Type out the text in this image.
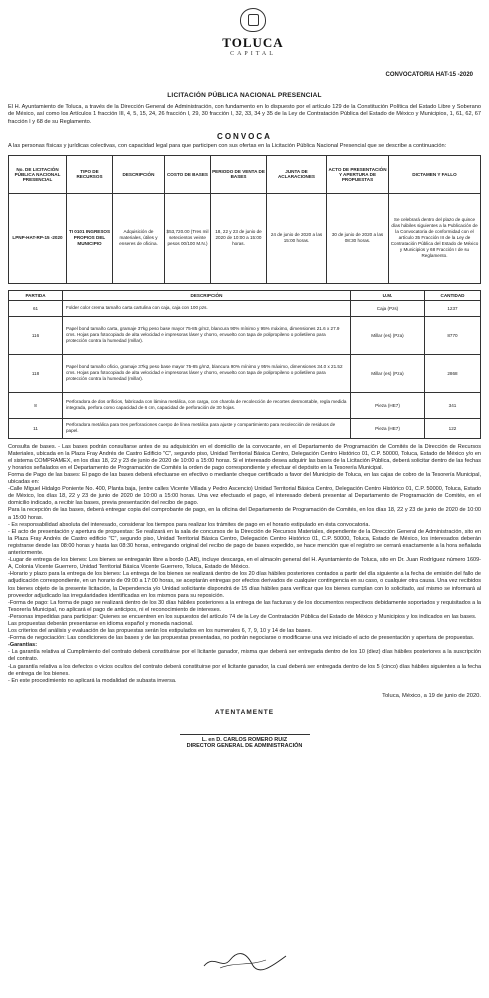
TOLUCA
CAPITAL
CONVOCATORIA HAT-15 -2020
LICITACIÓN PÚBLICA NACIONAL PRESENCIAL
El H. Ayuntamiento de Toluca, a través de la Dirección General de Administración, con fundamento en lo dispuesto por el artículo 129 de la Constitución Política del Estado Libre y Soberano de México, así como los Artículos 1 fracción III, 4, 5, 15, 24, 26 fracción I, 29, 30 fracción I, 32, 33, 34 y 35 de la Ley de Contratación Pública del Estado de México y Municipios, 1, 61, 62, 67 fracción I y 68 de su Reglamento.
CONVOCA
A las personas físicas y jurídicas colectivas, con capacidad legal para que participen con sus ofertas en la Licitación Pública Nacional Presencial que se describe a continuación:
No. DE LICITACIÓN PÚBLICA NACIONAL PRESENCIAL	TIPO DE RECURSOS	DESCRIPCIÓN	COSTO DE BASES	PERIODO DE VENTA DE BASES	JUNTA DE ACLARACIONES	ACTO DE PRESENTACIÓN Y APERTURA DE PROPUESTAS	DICTAMEN Y FALLO
LPNP-HAT-RP-15 -2020	TI 0101 INGRESOS PROPIOS DEL MUNICIPIO	Adquisición de materiales, útiles y enseres de oficina.	$53,720.00 (Tres mil setecientos veinte pesos 00/100 M.N.)	18, 22 y 23 de junio de 2020 de 10:00 a 15:00 horas.	24 de junio de 2020 a las 15:00 horas.	30 de junio de 2020 a las 08:30 horas.	Se celebrará dentro del plazo de quince días hábiles siguientes a la Publicación de la Convocatoria de conformidad con el artículo 35 Fracción III de la Ley de Contratación Pública del Estado de México y Municipios y 68 Fracción I de su Reglamento.
PARTIDA	DESCRIPCIÓN	U.M.	CANTIDAD
61	Folder color crema tamaño carta cartulina con caja, caja con 100 pzs.	Caja (Pzs)	1237
116	Papel bond tamaño carta, gramaje 37kg peso base mayor 75-85 g/m2, blancura 90% mínimo y 95% máximo, dimensiones 21.6 x 27.9 cms. Hojas para fotocopiado de alta velocidad e impresoras láser y chorro, envuelto con tapa de polipropileno o polietileno para protección contra la humedad (millar).	Millar (es) (Pza)	8770
118	Papel bond tamaño oficio, gramaje 37kg peso base mayor 75-85 g/m2, blancura 90% mínimo y 95% máximo, dimensiones 34.0 x 21.52 cms. Hojas para fotocopiado de alta velocidad e impresoras láser y chorro, envuelto con tapa de polipropileno o polietileno para protección contra la humedad (millar).	Millar (es) (Pza)	2868
8	Perforadora de dos orificios, fabricada con lámina metálica, con carga, con charola de recolección de recortes desmontable, regla medida integrada, perfora como capacidad de 6 cm, capacidad de perforación de 30 hojas.	Pieza (HE7)	341
11	Perforadora metálica para tres perforaciones cuerpo de línea metálica para ajuste y compartimiento para recolección de residuos de papel.	Pieza (HE7)	122

Consulta de bases. - Las bases podrán consultarse antes de su adquisición en el domicilio de la convocante, en el Departamento de Programación de Comités de la Dirección de Recursos Materiales, ubicada en la Plaza Fray Andrés de Castro Edificio "C", segundo piso, Unidad Territorial Básica Centro, Delegación Centro Histórico 01, C.P. 50000, Toluca, Estado de México y/o en el sistema COMPRAMEX, en los días 18, 22 y 23 de junio de 2020 de 10:00 a 15:00 horas. Si el interesado desea adquirir las bases de la Licitación Pública, deberá solicitar dentro de las fechas y horarios señalados en el Departamento de Programación de Comités la orden de pago correspondiente y efectuar el depósito en la Tesorería Municipal.

Forma de Pago de las bases: El pago de las bases deberá efectuarse en efectivo o mediante cheque certificado a favor del Municipio de Toluca, en las cajas de cobro de la Tesorería Municipal, ubicadas en:

-Calle Miguel Hidalgo Poniente No. 400, Planta baja, (entre calles Vicente Villada y Pedro Ascencio) Unidad Territorial Básica Centro, Delegación Centro Histórico 01, C.P. 50000, Toluca, Estado de México, los días 18, 22 y 23 de junio de 2020 de 10:00 a 15:00 horas. Una vez efectuado el pago, el interesado deberá presentar al Departamento de Programación de Comités, en el domicilio indicado, a recibir las bases, previa presentación del recibo de pago.

Para la recepción de las bases, deberá entregar copia del comprobante de pago, en la oficina del Departamento de Programación de Comités, en los días 18, 22 y 23 de junio de 2020 de 10:00 a 15:00 horas.

- Es responsabilidad absoluta del interesado, considerar los tiempos para realizar los trámites de pago en el horario estipulado en ésta convocatoria.

- El acto de presentación y apertura de propuestas: Se realizará en la sala de concursos de la Dirección de Recursos Materiales, dependiente de la Dirección General de Administración, sito en la Plaza Fray Andrés de Castro edificio "C", segundo piso, Unidad Territorial Básica Centro, Delegación Centro Histórico 01, C.P. 50000, Toluca, Estado de México, los interesados deberán registrarse desde las 08:00 horas y hasta las 08:30 horas, entregando original del recibo de pago de bases expedido, se hace mención que el registro se cerrará exactamente a la hora señalada anteriormente.

-Lugar de entrega de los bienes: Los bienes se entregarán libre a bordo (LAB), incluye descarga, en el almacén general del H. Ayuntamiento de Toluca, sito en Dr. Juan Rodríguez número 1609-A, Colonia Vicente Guerrero, Unidad Territorial Básica Vicente Guerrero, Toluca, Estado de México.

-Horario y plazo para la entrega de los bienes: La entrega de los bienes se realizará dentro de los 20 días hábiles posteriores contados a partir del día siguiente a la fecha de emisión del fallo de adjudicación correspondiente, en un horario de 09:00 a 17:00 horas, se aceptarán entregas por efectos derivados de cualquier contingencia en su caso, o cualquier otra causa. Una vez recibidos los bienes objeto de la presente licitación, la Dependencia y/o Unidad solicitante dispondrá de 15 días hábiles para verificar que los bienes cumplan con lo solicitado, así mismo se informará al proveedor adjudicado las irregularidades identificadas en los mismos para su reposición.

-Forma de pago: La forma de pago se realizará dentro de los 30 días hábiles posteriores a la entrega de las facturas y de los documentos respectivos debidamente soportados y requisitados a la Tesorería Municipal, no aplicará el pago de anticipos, ni el reconocimiento de intereses.

-Personas impedidas para participar: Quienes se encuentren en los supuestos del artículo 74 de la Ley de Contratación Pública del Estado de México y Municipios y los indicados en las bases.

Las propuestas deberán presentarse en idioma español y moneda nacional.

Los criterios del análisis y evaluación de las propuestas serán los estipulados en los numerales 6, 7, 9, 10 y 14 de las bases.

-Forma de negociación: Las condiciones de las bases y de las propuestas presentadas, no podrán negociarse o modificarse una vez iniciado el acto de presentación y apertura de propuestas.

-Garantías:

- La garantía relativa al Cumplimiento del contrato deberá constituirse por el licitante ganador, misma que deberá ser entregada dentro de los 10 (diez) días hábiles posteriores a la suscripción del contrato.

-La garantía relativa a los defectos o vicios ocultos del contrato deberá constituirse por el licitante ganador, la cual deberá ser entregada dentro de los 5 (cinco) días hábiles siguientes a la fecha de entrega de los bienes.

- En este procedimiento no aplicará la modalidad de subasta inversa.

Toluca, México, a 19 de junio de 2020.
ATENTAMENTE
L. en D. CARLOS ROMERO RUIZ
DIRECTOR GENERAL DE ADMINISTRACIÓN
